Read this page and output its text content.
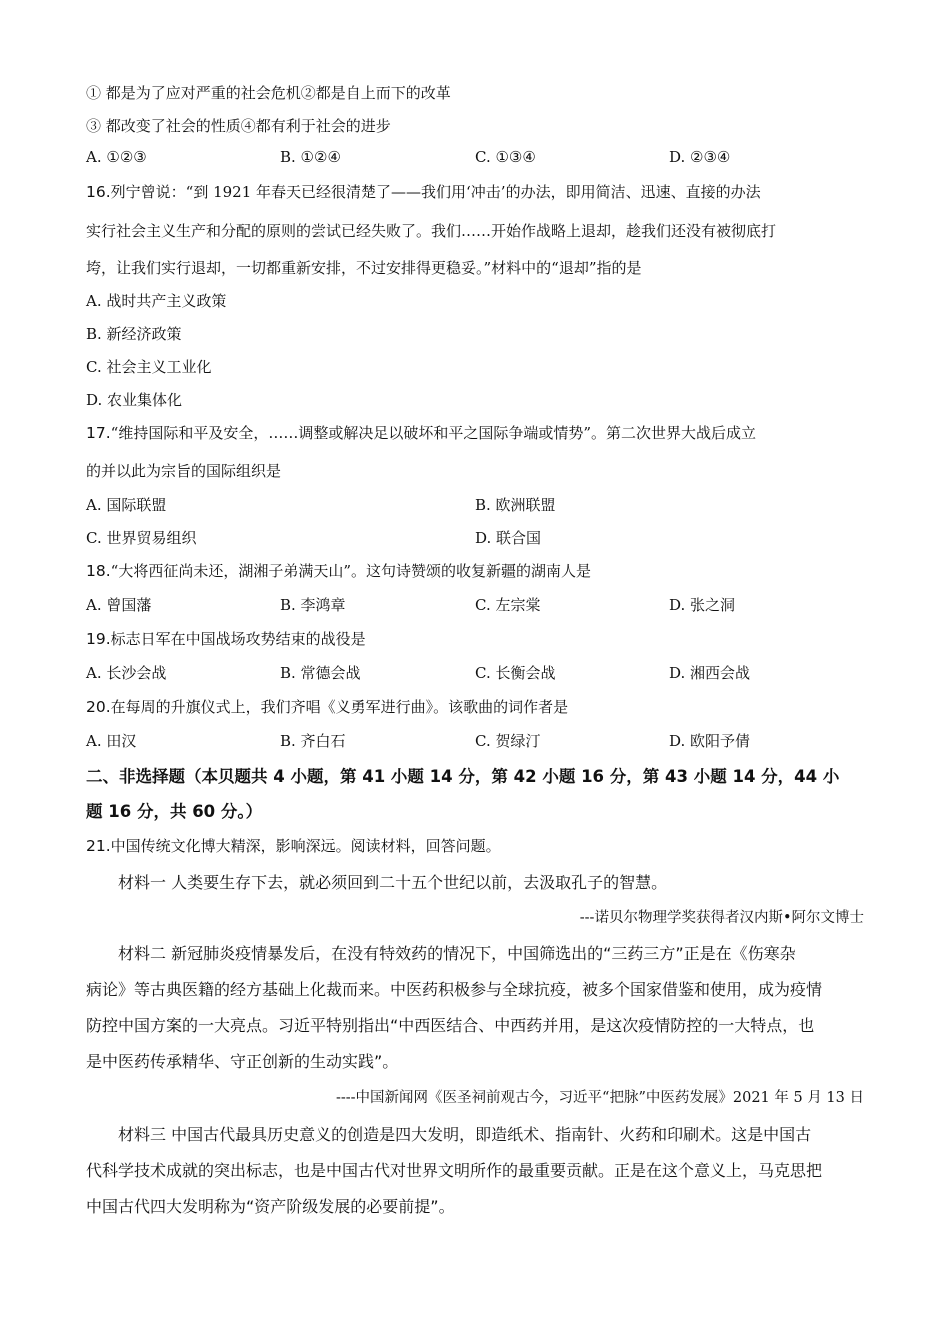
① 都是为了应对严重的社会危机②都是自上而下的改革
③ 都改变了社会的性质④都有利于社会的进步
A. ①②③	B. ①②④	C. ①③④	D. ②③④
16.列宁曾说：“到 1921 年春天已经很清楚了——我们用‘冲击’的办法，即用简洁、迅速、直接的办法
实行社会主义生产和分配的原则的尝试已经失败了。我们……开始作战略上退却，趁我们还没有被彻底打
垮，让我们实行退却，一切都重新安排，不过安排得更稳妥。”材料中的“退却”指的是
A. 战时共产主义政策
B. 新经济政策
C. 社会主义工业化
D. 农业集体化
17.“维持国际和平及安全，……调整或解决足以破坏和平之国际争端或情势”。第二次世界大战后成立
的并以此为宗旨的国际组织是
A. 国际联盟	B. 欧洲联盟
C. 世界贸易组织	D. 联合国
18.“大将西征尚未还，湖湘子弟满天山”。这句诗赞颂的收复新疆的湖南人是
A. 曾国藩	B. 李鸿章	C. 左宗棠	D. 张之洞
19.标志日军在中国战场攻势结束的战役是
A. 长沙会战	B. 常德会战	C. 长衡会战	D. 湘西会战
20.在每周的升旗仪式上，我们齐唱《义勇军进行曲》。该歌曲的词作者是
A. 田汉	B. 齐白石	C. 贺绿汀	D. 欧阳予倩
二、非选择题（本贝题共 4 小题，第 41 小题 14 分，第 42 小题 16 分，第 43 小题 14 分，44 小
题 16 分，共 60 分。）
21.中国传统文化博大精深，影响深远。阅读材料，回答问题。
材料一 人类要生存下去，就必须回到二十五个世纪以前，去汲取孔子的智慧。
---诺贝尔物理学奖获得者汉内斯•阿尔文博士
材料二 新冠肺炎疫情暴发后，在没有特效药的情况下，中国筛选出的“三药三方”正是在《伤寒杂
病论》等古典医籍的经方基础上化裁而来。中医药积极参与全球抗疫，被多个国家借鉴和使用，成为疫情
防控中国方案的一大亮点。习近平特别指出“中西医结合、中西药并用，是这次疫情防控的一大特点，也
是中医药传承精华、守正创新的生动实践”。
----中国新闻网《医圣祠前观古今，习近平“把脉”中医药发展》2021 年 5 月 13 日
材料三 中国古代最具历史意义的创造是四大发明，即造纸术、指南针、火药和印刷术。这是中国古
代科学技术成就的突出标志，也是中国古代对世界文明所作的最重要贡献。正是在这个意义上，马克思把
中国古代四大发明称为“资产阶级发展的必要前提”。
